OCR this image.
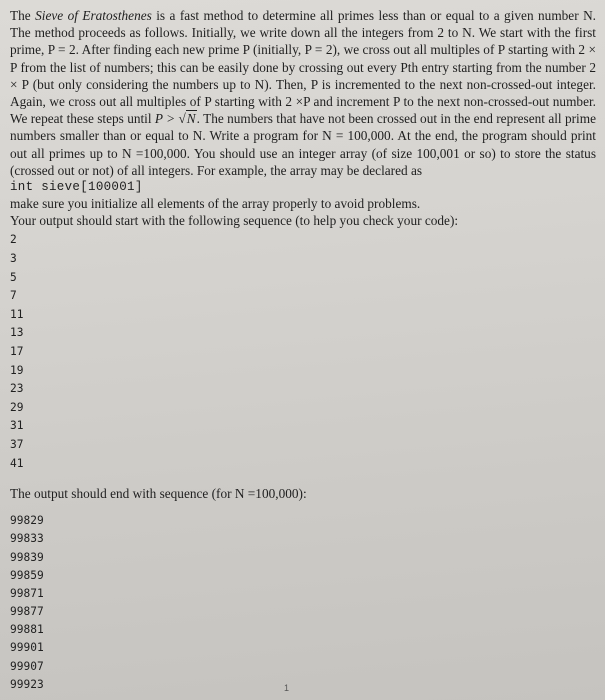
The Sieve of Eratosthenes is a fast method to determine all primes less than or equal to a given number N. The method proceeds as follows. Initially, we write down all the integers from 2 to N. We start with the first prime, P = 2. After finding each new prime P (initially, P = 2), we cross out all multiples of P starting with 2 × P from the list of numbers; this can be easily done by crossing out every Pth entry starting from the number 2 × P (but only considering the numbers up to N). Then, P is incremented to the next non-crossed-out integer. Again, we cross out all multiples of P starting with 2 ×P and increment P to the next non-crossed-out number. We repeat these steps until P > √N. The numbers that have not been crossed out in the end represent all prime numbers smaller than or equal to N. Write a program for N = 100,000. At the end, the program should print out all primes up to N =100,000. You should use an integer array (of size 100,001 or so) to store the status (crossed out or not) of all integers. For example, the array may be declared as

int sieve[100001]

make sure you initialize all elements of the array properly to avoid problems.

Your output should start with the following sequence (to help you check your code):

2
3
5
7
11
13
17
19
23
29
31
37
41

The output should end with sequence (for N =100,000):

99829
99833
99839
99859
99871
99877
99881
99901
99907
99923	1
